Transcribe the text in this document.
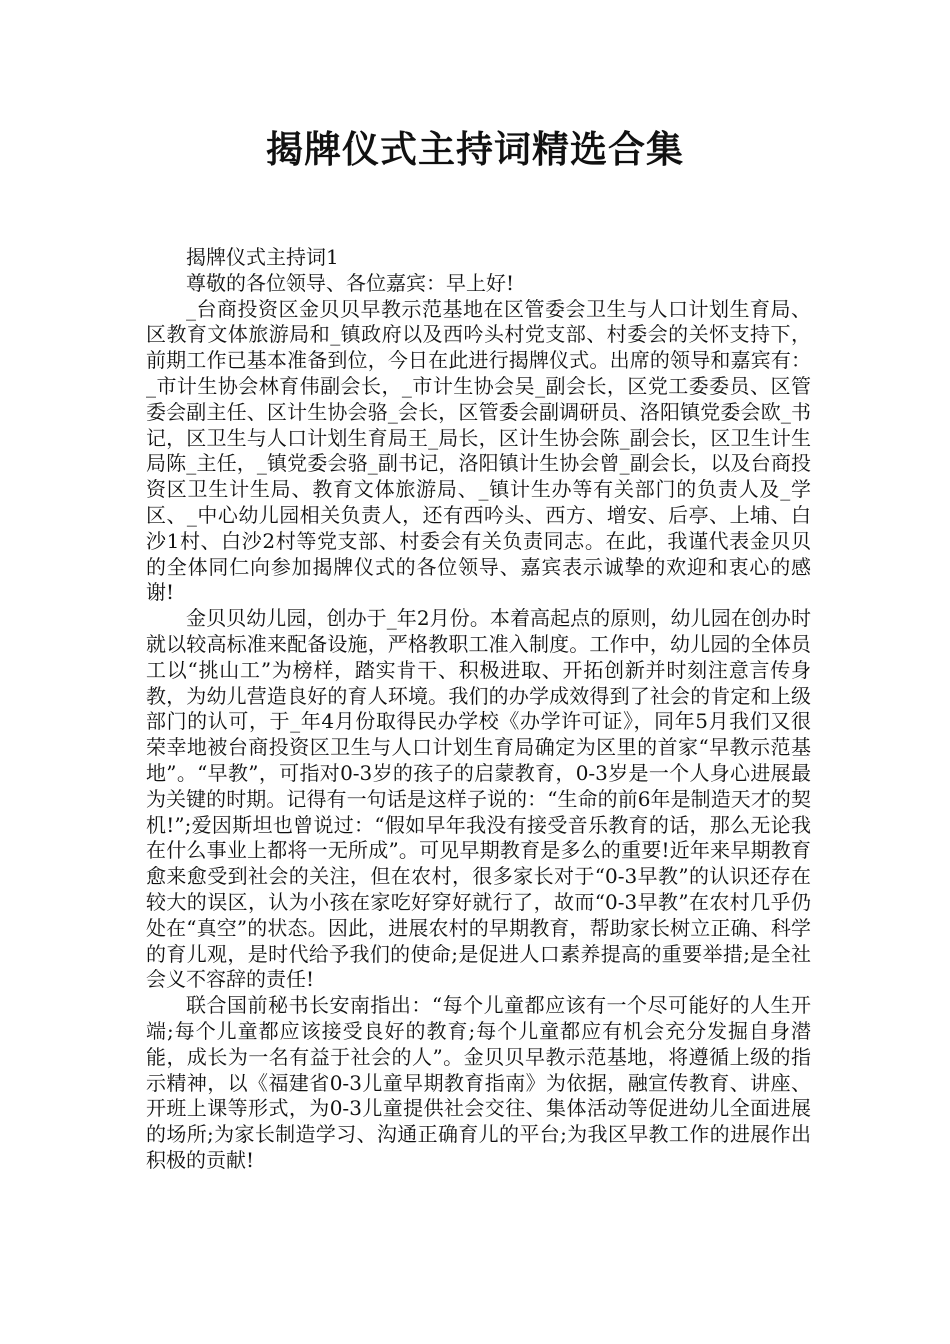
揭牌仪式主持词精选合集

揭牌仪式主持词1

尊敬的各位领导、各位嘉宾：早上好!

_台商投资区金贝贝早教示范基地在区管委会卫生与人口计划生育局、区教育文体旅游局和_镇政府以及西吟头村党支部、村委会的关怀支持下，前期工作已基本准备到位，今日在此进行揭牌仪式。出席的领导和嘉宾有：_市计生协会林育伟副会长，_市计生协会吴_副会长，区党工委委员、区管委会副主任、区计生协会骆_会长，区管委会副调研员、洛阳镇党委会欧_书记，区卫生与人口计划生育局王_局长，区计生协会陈_副会长，区卫生计生局陈_主任，_镇党委会骆_副书记，洛阳镇计生协会曾_副会长，以及台商投资区卫生计生局、教育文体旅游局、_镇计生办等有关部门的负责人及_学区、_中心幼儿园相关负责人，还有西吟头、西方、增安、后亭、上埔、白沙1村、白沙2村等党支部、村委会有关负责同志。在此，我谨代表金贝贝的全体同仁向参加揭牌仪式的各位领导、嘉宾表示诚挚的欢迎和衷心的感谢!

金贝贝幼儿园，创办于_年2月份。本着高起点的原则，幼儿园在创办时就以较高标准来配备设施，严格教职工准入制度。工作中，幼儿园的全体员工以“挑山工”为榜样，踏实肯干、积极进取、开拓创新并时刻注意言传身教，为幼儿营造良好的育人环境。我们的办学成效得到了社会的肯定和上级部门的认可，于_年4月份取得民办学校《办学许可证》，同年5月我们又很荣幸地被台商投资区卫生与人口计划生育局确定为区里的首家“早教示范基地”。“早教”，可指对0-3岁的孩子的启蒙教育，0-3岁是一个人身心进展最为关键的时期。记得有一句话是这样子说的：“生命的前6年是制造天才的契机!”;爱因斯坦也曾说过：“假如早年我没有接受音乐教育的话，那么无论我在什么事业上都将一无所成”。可见早期教育是多么的重要!近年来早期教育愈来愈受到社会的关注，但在农村，很多家长对于“0-3早教”的认识还存在较大的误区，认为小孩在家吃好穿好就行了，故而“0-3早教”在农村几乎仍处在“真空”的状态。因此，进展农村的早期教育，帮助家长树立正确、科学的育儿观，是时代给予我们的使命;是促进人口素养提高的重要举措;是全社会义不容辞的责任!

联合国前秘书长安南指出：“每个儿童都应该有一个尽可能好的人生开端;每个儿童都应该接受良好的教育;每个儿童都应有机会充分发掘自身潜能，成长为一名有益于社会的人”。金贝贝早教示范基地，将遵循上级的指示精神，以《福建省0-3儿童早期教育指南》为依据，融宣传教育、讲座、开班上课等形式，为0-3儿童提供社会交往、集体活动等促进幼儿全面进展的场所;为家长制造学习、沟通正确育儿的平台;为我区早教工作的进展作出积极的贡献!
